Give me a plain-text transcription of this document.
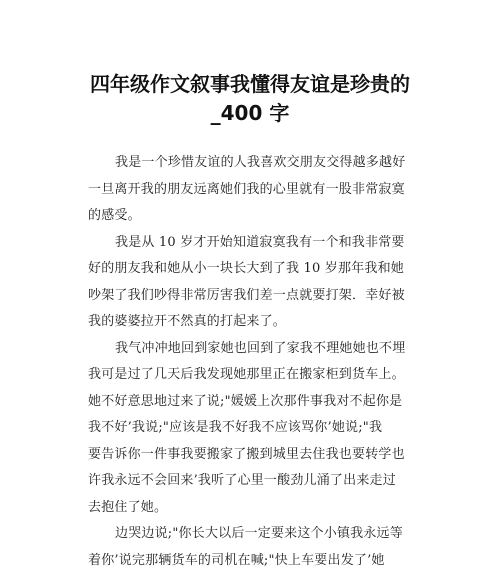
四年级作文叙事我懂得友谊是珍贵的
_400 字
我是一个珍惜友谊的人我喜欢交朋友交得越多越好
一旦离开我的朋友远离她们我的心里就有一股非常寂寞
的感受。
我是从 10 岁才开始知道寂寞我有一个和我非常要
好的朋友我和她从小一块长大到了我 10 岁那年我和她
吵架了我们吵得非常厉害我们差一点就要打架．幸好被
我的婆婆拉开不然真的打起来了。
我气冲冲地回到家她也回到了家我不理她她也不埋
我可是过了几天后我发现她那里正在搬家柜到货车上。
她不好意思地过来了说;"媛媛上次那件事我对不起你是
我不好’我说;"应该是我不好我不应该骂你’她说;"我
要告诉你一件事我要搬家了搬到城里去住我也要转学也
许我永远不会回来’我听了心里一酸劲儿涌了出来走过
去抱住了她。
边哭边说;"你长大以后一定要来这个小镇我永远等
着你’说完那辆货车的司机在喊;"快上车要出发了’她
